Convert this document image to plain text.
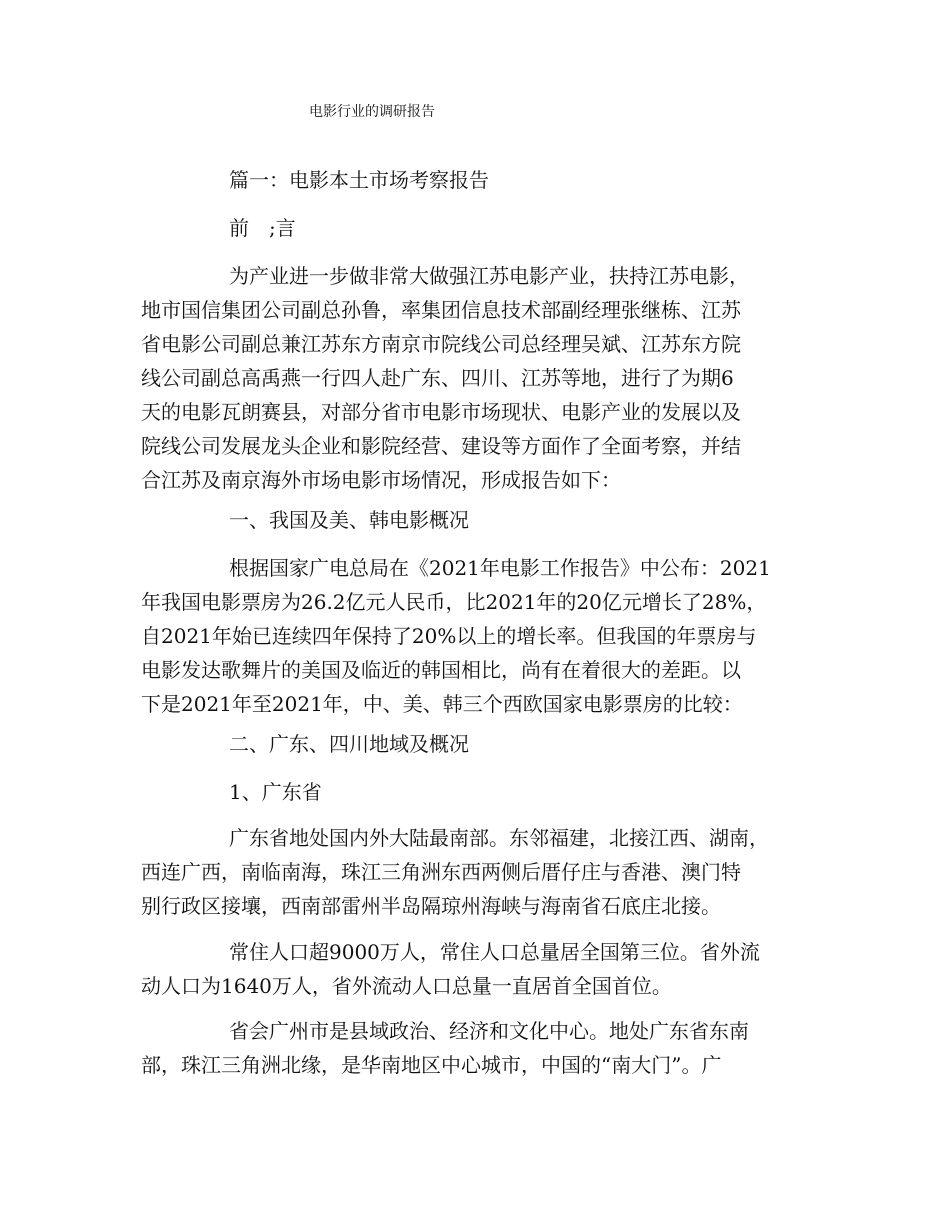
电影行业的调研报告
篇一：电影本土市场考察报告
前　;言
为产业进一步做非常大做强江苏电影产业，扶持江苏电影，
地市国信集团公司副总孙鲁，率集团信息技术部副经理张继栋、江苏
省电影公司副总兼江苏东方南京市院线公司总经理吴斌、江苏东方院
线公司副总高禹燕一行四人赴广东、四川、江苏等地，进行了为期6
天的电影瓦朗赛县，对部分省市电影市场现状、电影产业的发展以及
院线公司发展龙头企业和影院经营、建设等方面作了全面考察，并结
合江苏及南京海外市场电影市场情况，形成报告如下：
一、我国及美、韩电影概况
根据国家广电总局在《2021年电影工作报告》中公布：2021
年我国电影票房为26.2亿元人民币，比2021年的20亿元增长了28%，
自2021年始已连续四年保持了20%以上的增长率。但我国的年票房与
电影发达歌舞片的美国及临近的韩国相比，尚有在着很大的差距。以
下是2021年至2021年，中、美、韩三个西欧国家电影票房的比较：
二、广东、四川地域及概况
1、广东省
广东省地处国内外大陆最南部。东邻福建，北接江西、湖南，
西连广西，南临南海，珠江三角洲东西两侧后厝仔庄与香港、澳门特
别行政区接壤，西南部雷州半岛隔琼州海峡与海南省石底庄北接。
常住人口超9000万人，常住人口总量居全国第三位。省外流
动人口为1640万人，省外流动人口总量一直居首全国首位。
省会广州市是县域政治、经济和文化中心。地处广东省东南
部，珠江三角洲北缘，是华南地区中心城市，中国的“南大门”。广
